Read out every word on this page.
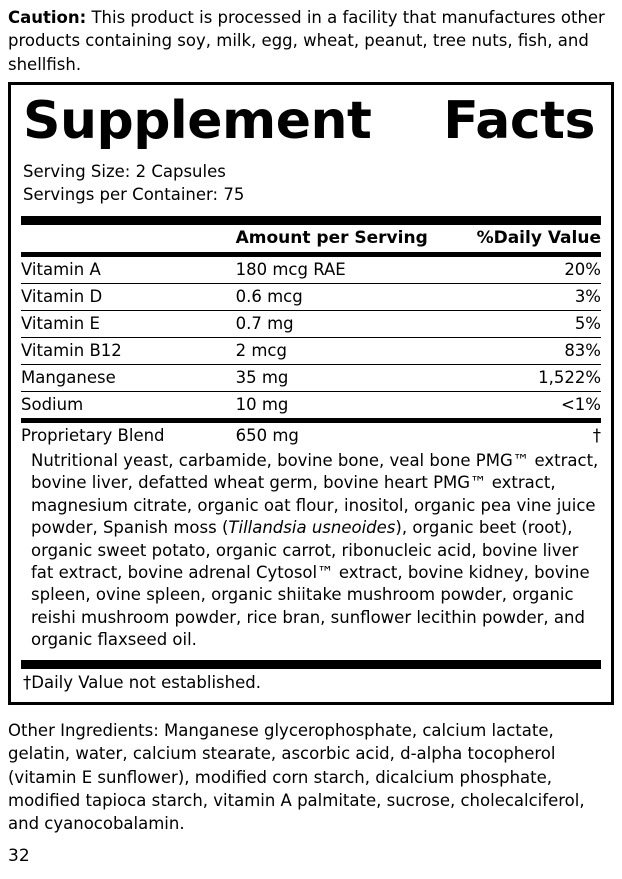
Caution: This product is processed in a facility that manufactures other products containing soy, milk, egg, wheat, peanut, tree nuts, fish, and shellfish.
Supplement Facts
Serving Size: 2 Capsules
Servings per Container: 75
	Amount per Serving	%Daily Value
Vitamin A	180 mcg RAE	20%
Vitamin D	0.6 mcg	3%
Vitamin E	0.7 mg	5%
Vitamin B12	2 mcg	83%
Manganese	35 mg	1,522%
Sodium	10 mg	<1%
Proprietary Blend	650 mg	†
Nutritional yeast, carbamide, bovine bone, veal bone PMG™ extract, bovine liver, defatted wheat germ, bovine heart PMG™ extract, magnesium citrate, organic oat flour, inositol, organic pea vine juice powder, Spanish moss (Tillandsia usneoides), organic beet (root), organic sweet potato, organic carrot, ribonucleic acid, bovine liver fat extract, bovine adrenal Cytosol™ extract, bovine kidney, bovine spleen, ovine spleen, organic shiitake mushroom powder, organic reishi mushroom powder, rice bran, sunflower lecithin powder, and organic flaxseed oil.
†Daily Value not established.
Other Ingredients: Manganese glycerophosphate, calcium lactate, gelatin, water, calcium stearate, ascorbic acid, d-alpha tocopherol (vitamin E sunflower), modified corn starch, dicalcium phosphate, modified tapioca starch, vitamin A palmitate, sucrose, cholecalciferol, and cyanocobalamin.
32
